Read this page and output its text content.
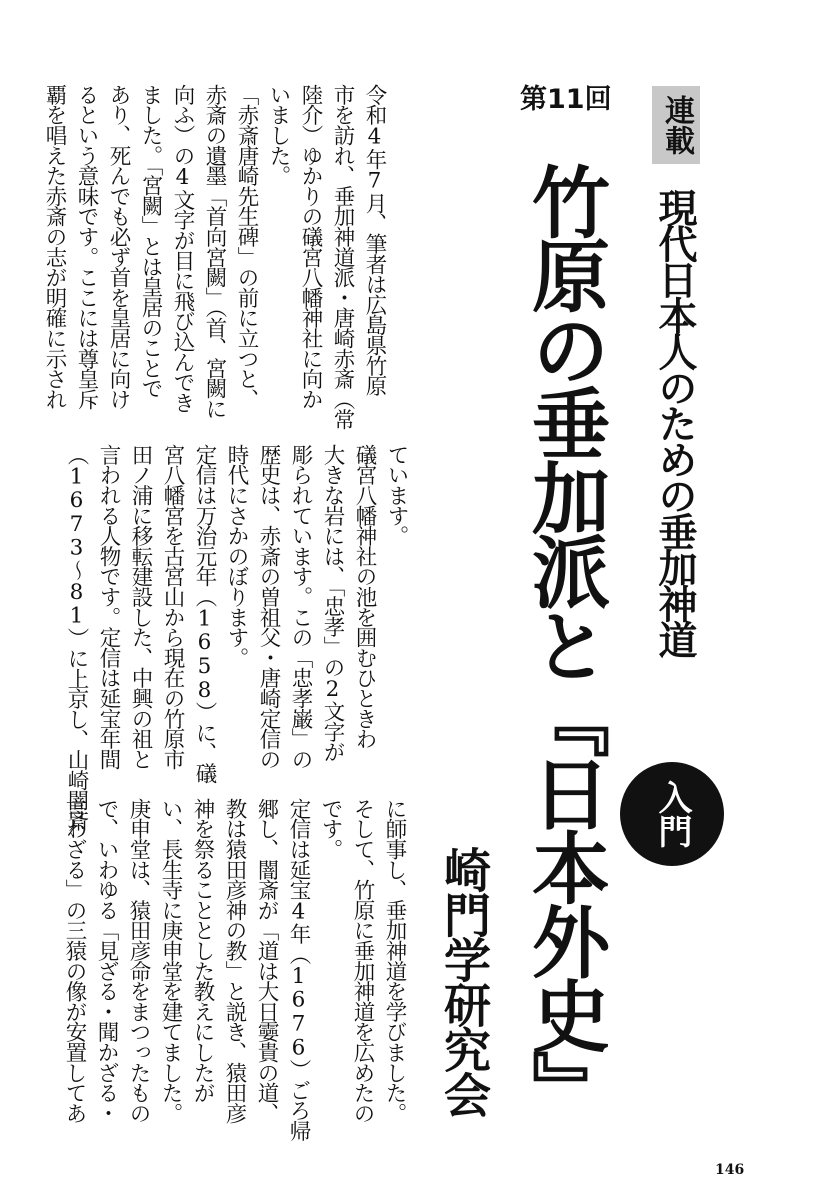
連載
現代日本人のための垂加神道
第11回
竹原の垂加派と『日本外史』 入門
崎門学研究会
令和4年7月、筆者は広島県竹原
市を訪れ、垂加神道派・唐崎赤斎（常
陸介）ゆかりの礒宮八幡神社に向か
いました。
「赤斎唐崎先生碑」の前に立つと、
赤斎の遺墨「首向宮闕」（首、宮闕に
向ふ）の4文字が目に飛び込んでき
ました。「宮闕」とは皇居のことで
あり、死んでも必ず首を皇居に向け
るという意味です。ここには尊皇斥
覇を唱えた赤斎の志が明確に示され
ています。
礒宮八幡神社の池を囲むひときわ
大きな岩には、「忠孝」の2文字が
彫られています。この「忠孝巌」の
歴史は、赤斎の曽祖父・唐崎定信の
時代にさかのぼります。
定信は万治元年（1658）に、礒
宮八幡宮を古宮山から現在の竹原市
田ノ浦に移転建設した、中興の祖と
言われる人物です。定信は延宝年間
（1673〜81）に上京し、山崎闇斎
に師事し、垂加神道を学びました。
そして、竹原に垂加神道を広めたの
です。
定信は延宝4年（1676）ごろ帰
郷し、闇斎が「道は大日孁貴の道、
教は猿田彦神の教」と説き、猿田彦
神を祭ることとした教えにしたが
い、長生寺に庚申堂を建てました。
庚申堂は、猿田彦命をまつったもの
で、いわゆる「見ざる・聞かざる・
言わざる」の三猿の像が安置してあ
146
